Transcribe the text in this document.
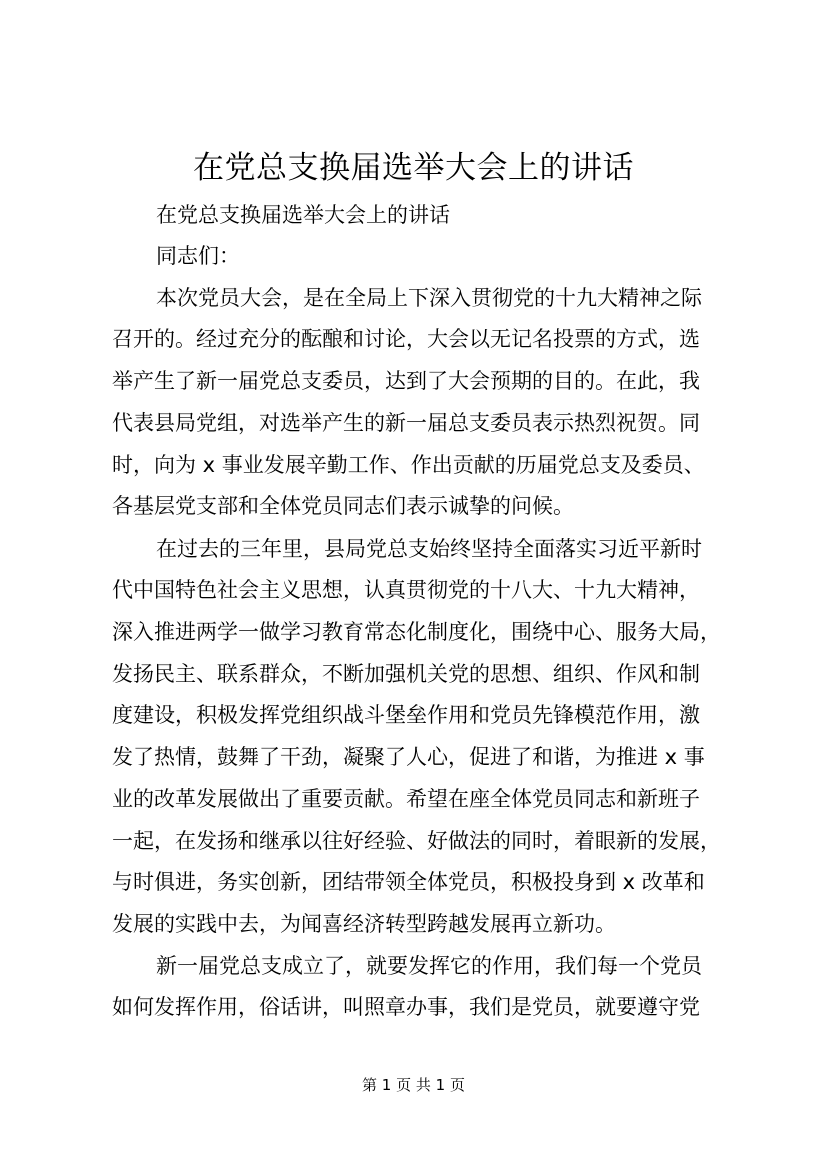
在党总支换届选举大会上的讲话
在党总支换届选举大会上的讲话
同志们：
本次党员大会，是在全局上下深入贯彻党的十九大精神之际
召开的。经过充分的酝酿和讨论，大会以无记名投票的方式，选
举产生了新一届党总支委员，达到了大会预期的目的。在此，我
代表县局党组，对选举产生的新一届总支委员表示热烈祝贺。同
时，向为 x 事业发展辛勤工作、作出贡献的历届党总支及委员、
各基层党支部和全体党员同志们表示诚挚的问候。
在过去的三年里，县局党总支始终坚持全面落实习近平新时
代中国特色社会主义思想，认真贯彻党的十八大、十九大精神，
深入推进两学一做学习教育常态化制度化，围绕中心、服务大局，
发扬民主、联系群众，不断加强机关党的思想、组织、作风和制
度建设，积极发挥党组织战斗堡垒作用和党员先锋模范作用，激
发了热情，鼓舞了干劲，凝聚了人心，促进了和谐，为推进 x 事
业的改革发展做出了重要贡献。希望在座全体党员同志和新班子
一起，在发扬和继承以往好经验、好做法的同时，着眼新的发展，
与时俱进，务实创新，团结带领全体党员，积极投身到 x 改革和
发展的实践中去，为闻喜经济转型跨越发展再立新功。
新一届党总支成立了，就要发挥它的作用，我们每一个党员
如何发挥作用，俗话讲，叫照章办事，我们是党员，就要遵守党
第 1 页 共 1 页
